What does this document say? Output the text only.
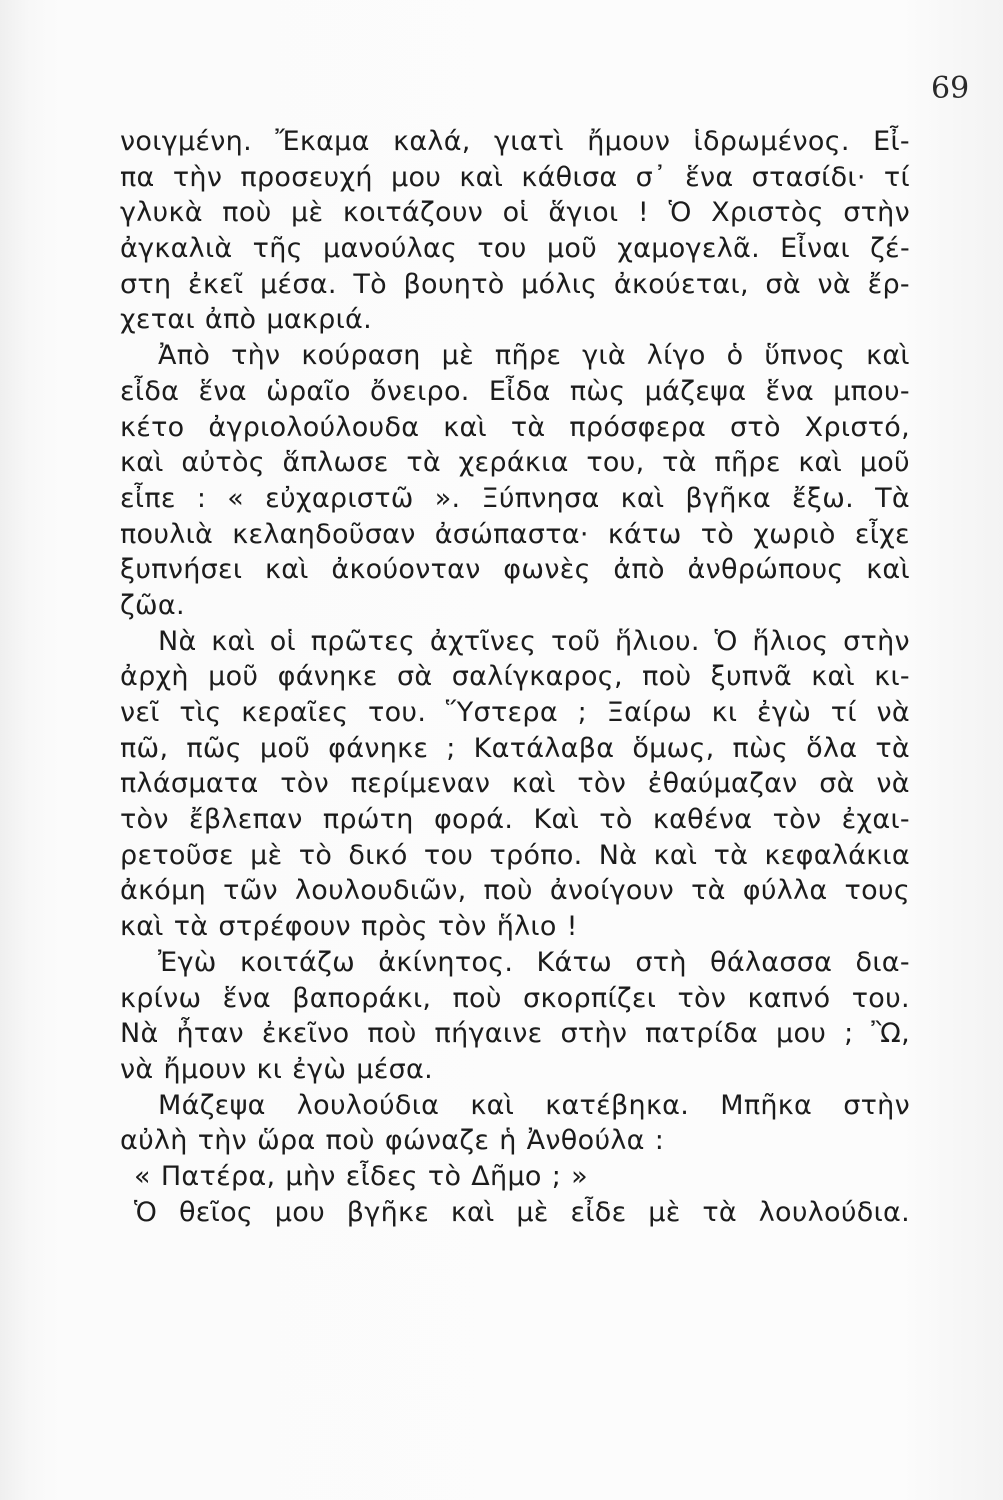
69
νοιγμένη. Ἔκαμα καλά, γιατὶ ἤμουν ἱδρωμένος. Εἶ-
πα τὴν προσευχή μου καὶ κάθισα σ᾿ ἕνα στασίδι· τί
γλυκὰ ποὺ μὲ κοιτάζουν οἱ ἅγιοι ! Ὁ Χριστὸς στὴν
ἀγκαλιὰ τῆς μανούλας του μοῦ χαμογελᾶ. Εἶναι ζέ-
στη ἐκεῖ μέσα. Τὸ βουητὸ μόλις ἀκούεται, σὰ νὰ ἔρ-
χεται ἀπὸ μακριά.
Ἀπὸ τὴν κούραση μὲ πῆρε γιὰ λίγο ὁ ὕπνος καὶ
εἶδα ἕνα ὡραῖο ὄνειρο. Εἶδα πὼς μάζεψα ἕνα μπου-
κέτο ἀγριολούλουδα καὶ τὰ πρόσφερα στὸ Χριστό,
καὶ αὐτὸς ἅπλωσε τὰ χεράκια του, τὰ πῆρε καὶ μοῦ
εἶπε : « εὐχαριστῶ ». Ξύπνησα καὶ βγῆκα ἔξω. Τὰ
πουλιὰ κελαηδοῦσαν ἀσώπαστα· κάτω τὸ χωριὸ εἶχε
ξυπνήσει καὶ ἀκούονταν φωνὲς ἀπὸ ἀνθρώπους καὶ
ζῶα.
Νὰ καὶ οἱ πρῶτες ἀχτῖνες τοῦ ἥλιου. Ὁ ἥλιος στὴν
ἀρχὴ μοῦ φάνηκε σὰ σαλίγκαρος, ποὺ ξυπνᾶ καὶ κι-
νεῖ τὶς κεραῖες του. Ὕστερα ; Ξαίρω κι ἐγὼ τί νὰ
πῶ, πῶς μοῦ φάνηκε ; Κατάλαβα ὅμως, πὼς ὅλα τὰ
πλάσματα τὸν περίμεναν καὶ τὸν ἐθαύμαζαν σὰ νὰ
τὸν ἔβλεπαν πρώτη φορά. Καὶ τὸ καθένα τὸν ἐχαι-
ρετοῦσε μὲ τὸ δικό του τρόπο. Νὰ καὶ τὰ κεφαλάκια
ἀκόμη τῶν λουλουδιῶν, ποὺ ἀνοίγουν τὰ φύλλα τους
καὶ τὰ στρέφουν πρὸς τὸν ἥλιο !
Ἐγὼ κοιτάζω ἀκίνητος. Κάτω στὴ θάλασσα δια-
κρίνω ἕνα βαποράκι, ποὺ σκορπίζει τὸν καπνό του.
Νὰ ἦταν ἐκεῖνο ποὺ πήγαινε στὴν πατρίδα μου ; Ὢ,
νὰ ἤμουν κι ἐγὼ μέσα.
Μάζεψα λουλούδια καὶ κατέβηκα. Μπῆκα στὴν
αὐλὴ τὴν ὥρα ποὺ φώναζε ἡ Ἀνθούλα :
« Πατέρα, μὴν εἶδες τὸ Δῆμο ; »
Ὁ θεῖος μου βγῆκε καὶ μὲ εἶδε μὲ τὰ λουλούδια.
